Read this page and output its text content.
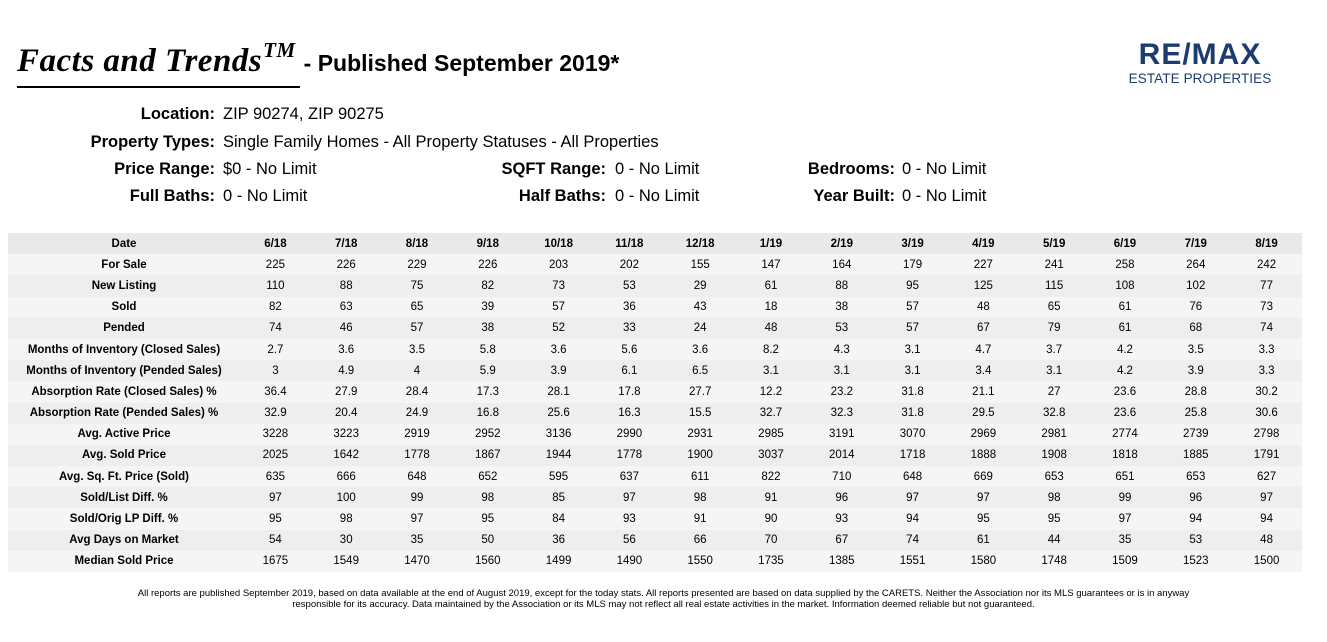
Facts and Trends™ - Published September 2019*	RE/MAX
ESTATE PROPERTIES
Location: ZIP 90274, ZIP 90275
Property Types: Single Family Homes - All Property Statuses - All Properties
Price Range: $0 - No Limit
Full Baths: 0 - No Limit
SQFT Range: 0 - No Limit
Half Baths: 0 - No Limit
Bedrooms: 0 - No Limit
Year Built: 0 - No Limit
Date	6/18	7/18	8/18	9/18	10/18	11/18	12/18	1/19	2/19	3/19	4/19	5/19	6/19	7/19	8/19
For Sale	225	226	229	226	203	202	155	147	164	179	227	241	258	264	242
New Listing	110	88	75	82	73	53	29	61	88	95	125	115	108	102	77
Sold	82	63	65	39	57	36	43	18	38	57	48	65	61	76	73
Pended	74	46	57	38	52	33	24	48	53	57	67	79	61	68	74
Months of Inventory (Closed Sales)	2.7	3.6	3.5	5.8	3.6	5.6	3.6	8.2	4.3	3.1	4.7	3.7	4.2	3.5	3.3
Months of Inventory (Pended Sales)	3	4.9	4	5.9	3.9	6.1	6.5	3.1	3.1	3.1	3.4	3.1	4.2	3.9	3.3
Absorption Rate (Closed Sales) %	36.4	27.9	28.4	17.3	28.1	17.8	27.7	12.2	23.2	31.8	21.1	27	23.6	28.8	30.2
Absorption Rate (Pended Sales) %	32.9	20.4	24.9	16.8	25.6	16.3	15.5	32.7	32.3	31.8	29.5	32.8	23.6	25.8	30.6
Avg. Active Price	3228	3223	2919	2952	3136	2990	2931	2985	3191	3070	2969	2981	2774	2739	2798
Avg. Sold Price	2025	1642	1778	1867	1944	1778	1900	3037	2014	1718	1888	1908	1818	1885	1791
Avg. Sq. Ft. Price (Sold)	635	666	648	652	595	637	611	822	710	648	669	653	651	653	627
Sold/List Diff. %	97	100	99	98	85	97	98	91	96	97	97	98	99	96	97
Sold/Orig LP Diff. %	95	98	97	95	84	93	91	90	93	94	95	95	97	94	94
Avg Days on Market	54	30	35	50	36	56	66	70	67	74	61	44	35	53	48
Median Sold Price	1675	1549	1470	1560	1499	1490	1550	1735	1385	1551	1580	1748	1509	1523	1500
All reports are published September 2019, based on data available at the end of August 2019, except for the today stats. All reports presented are based on data supplied by the CARETS. Neither the Association nor its MLS guarantees or is in anyway
responsible for its accuracy. Data maintained by the Association or its MLS may not reflect all real estate activities in the market. Information deemed reliable but not guaranteed.
